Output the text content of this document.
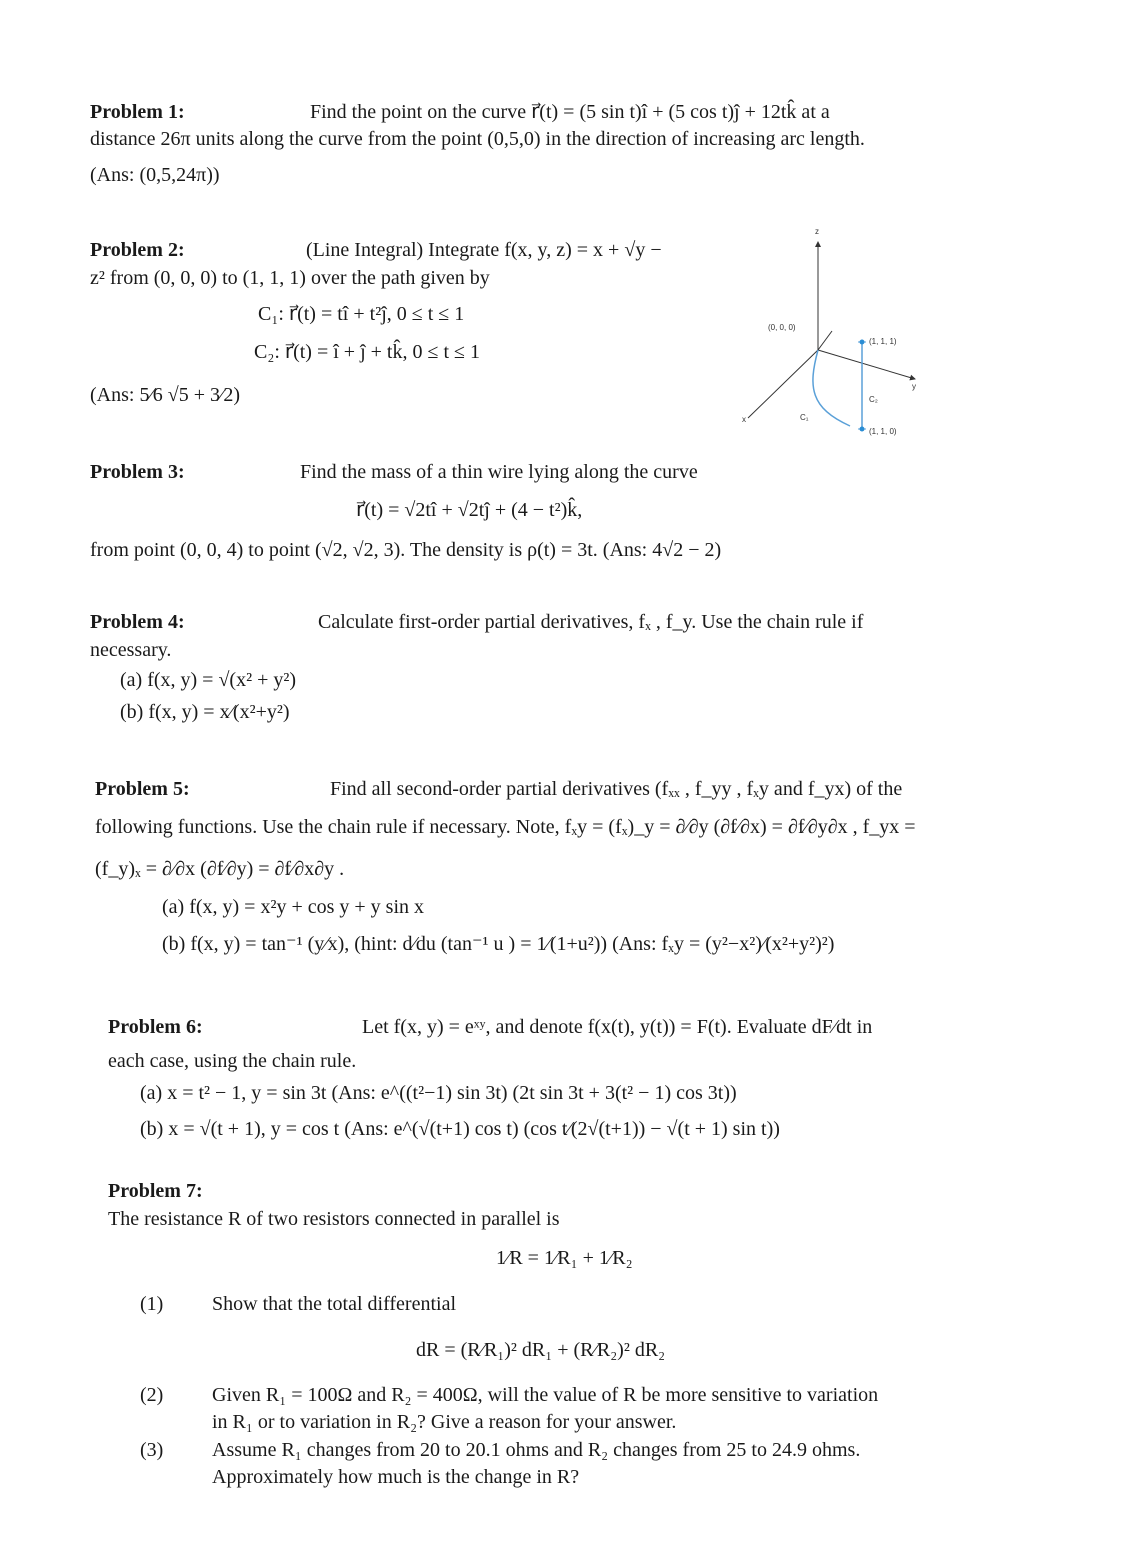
Problem 1:	Find the point on the curve r⃗(t) = (5 sin t)î + (5 cos t)ĵ + 12tk̂ at a
distance 26π units along the curve from the point (0,5,0) in the direction of increasing arc length.
(Ans: (0,5,24π))
Problem 2:	(Line Integral) Integrate f(x, y, z) = x + √y −
z² from (0, 0, 0) to (1, 1, 1) over the path given by
C₁: r⃗(t) = tî + t²ĵ, 0 ≤ t ≤ 1
C₂: r⃗(t) = î + ĵ + tk̂, 0 ≤ t ≤ 1
(Ans: 5⁄6 √5 + 3⁄2)
z
y
x
(0, 0, 0)
(1, 1, 1)
(1, 1, 0)
C₁
C₂
Problem 3:	Find the mass of a thin wire lying along the curve
r⃗(t) = √2tî + √2tĵ + (4 − t²)k̂,
from point (0, 0, 4) to point (√2, √2, 3). The density is ρ(t) = 3t. (Ans: 4√2 − 2)
Problem 4:	Calculate first-order partial derivatives, fₓ , f_y. Use the chain rule if
necessary.
(a) f(x, y) = √(x² + y²)
(b) f(x, y) = x⁄(x²+y²)
Problem 5:	Find all second-order partial derivatives (fₓₓ , f_yy , fₓy and f_yx) of the
following functions. Use the chain rule if necessary. Note, fₓy = (fₓ)_y = ∂⁄∂y (∂f⁄∂x) = ∂f⁄∂y∂x , f_yx =
(f_y)ₓ = ∂⁄∂x (∂f⁄∂y) = ∂f⁄∂x∂y .
(a) f(x, y) = x²y + cos y + y sin x
(b) f(x, y) = tan⁻¹ (y⁄x), (hint: d⁄du (tan⁻¹ u ) = 1⁄(1+u²)) (Ans: fₓy = (y²−x²)⁄(x²+y²)²)
Problem 6:	Let f(x, y) = eˣʸ, and denote f(x(t), y(t)) = F(t). Evaluate dF⁄dt in
each case, using the chain rule.
(a) x = t² − 1, y = sin 3t (Ans: e^((t²−1) sin 3t) (2t sin 3t + 3(t² − 1) cos 3t))
(b) x = √(t + 1), y = cos t (Ans: e^(√(t+1) cos t) (cos t⁄(2√(t+1)) − √(t + 1) sin t))
Problem 7:
The resistance R of two resistors connected in parallel is
1⁄R = 1⁄R₁ + 1⁄R₂
(1) Show that the total differential
dR = (R⁄R₁)² dR₁ + (R⁄R₂)² dR₂
(2) Given R₁ = 100Ω and R₂ = 400Ω, will the value of R be more sensitive to variation
in R₁ or to variation in R₂? Give a reason for your answer.
(3) Assume R₁ changes from 20 to 20.1 ohms and R₂ changes from 25 to 24.9 ohms.
Approximately how much is the change in R?
